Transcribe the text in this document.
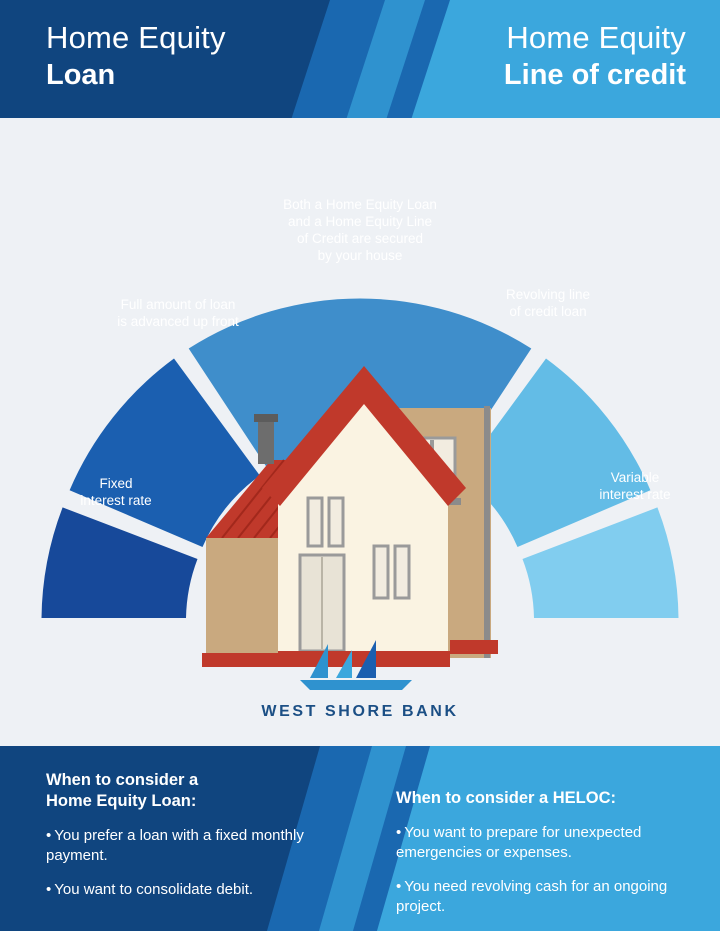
Home Equity
Loan
Home Equity
Line of credit
Fixed
interest rate
Full amount of loan
is advanced up front
Both a Home Equity Loan
and a Home Equity Line
of Credit are secured
by your house
Revolving line
of credit loan
Variable
interest rate
WEST SHORE BANK
When to consider a
Home Equity Loan:
• You prefer a loan with a fixed monthly payment.
• You want to consolidate debit.
When to consider a HELOC:
• You want to prepare for unexpected emergencies or expenses.
• You need revolving cash for an ongoing project.
